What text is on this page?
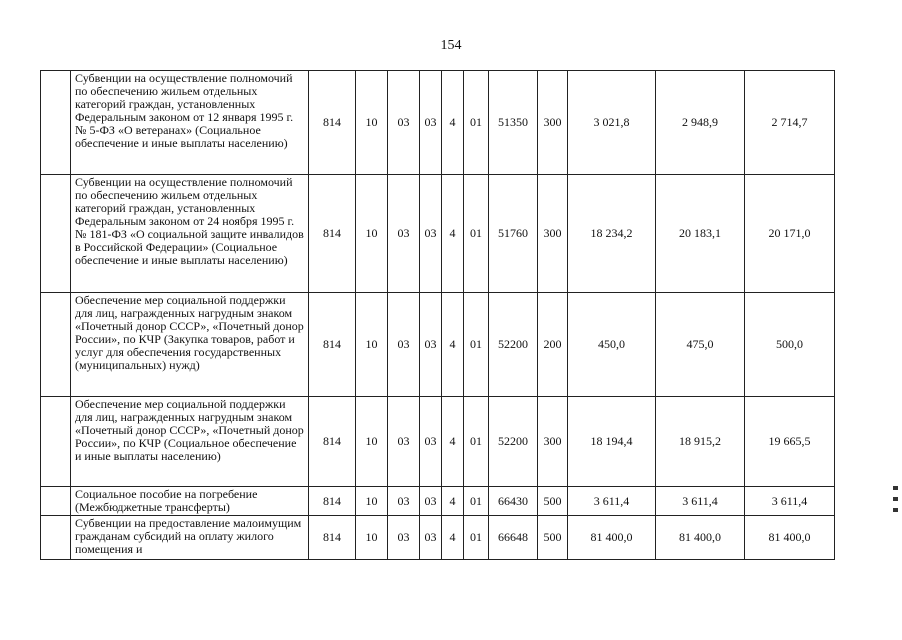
154
	Субвенции на осуществление полномочий по обеспечению жильем отдельных категорий граждан, установленных Федеральным законом от 12 января 1995 г. № 5-ФЗ «О ветеранах» (Социальное обеспечение и иные выплаты населению)	814	10	03	03	4	01	51350	300	3 021,8	2 948,9	2 714,7
	Субвенции на осуществление полномочий по обеспечению жильем отдельных категорий граждан, установленных Федеральным законом от 24 ноября 1995 г. № 181-ФЗ «О социальной защите инвалидов в Российской Федерации» (Социальное обеспечение и иные выплаты населению)	814	10	03	03	4	01	51760	300	18 234,2	20 183,1	20 171,0
	Обеспечение мер социальной поддержки для лиц, награжденных нагрудным знаком «Почетный донор СССР», «Почетный донор России», по КЧР (Закупка товаров, работ и услуг для обеспечения государственных (муниципальных) нужд)	814	10	03	03	4	01	52200	200	450,0	475,0	500,0
	Обеспечение мер социальной поддержки для лиц, награжденных нагрудным знаком «Почетный донор СССР», «Почетный донор России», по КЧР (Социальное обеспечение и иные выплаты населению)	814	10	03	03	4	01	52200	300	18 194,4	18 915,2	19 665,5
	Социальное пособие на погребение (Межбюджетные трансферты)	814	10	03	03	4	01	66430	500	3 611,4	3 611,4	3 611,4
	Субвенции на предоставление малоимущим гражданам субсидий на оплату жилого помещения и	814	10	03	03	4	01	66648	500	81 400,0	81 400,0	81 400,0
